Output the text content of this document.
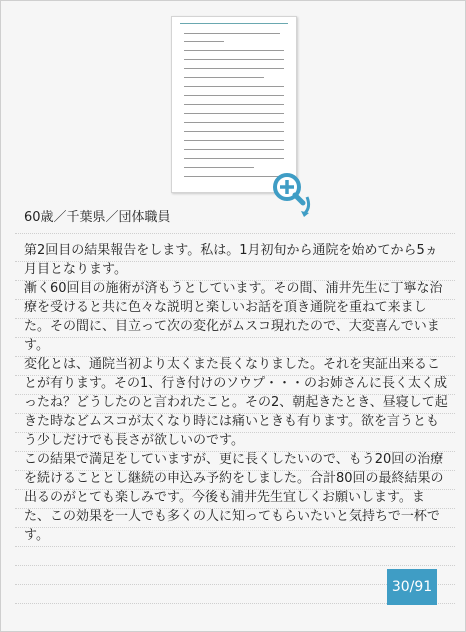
60歳／千葉県／団体職員

第2回目の結果報告をします。私は。1月初旬から通院を始めてから5ヵ月目となります。

漸く60回目の施術が済もうとしています。その間、浦井先生に丁寧な治療を受けると共に色々な説明と楽しいお話を頂き通院を重ねて来ました。その間に、目立って次の変化がムスコ現れたので、大変喜んでいます。

変化とは、通院当初より太くまた長くなりました。それを実証出来ることが有ります。その1、行き付けのソウプ・・・のお姉さんに長く太く成ったね？どうしたのと言われたこと。その2、朝起きたとき、昼寝して起きた時などムスコが太くなり時には痛いときも有ります。欲を言うともう少しだけでも長さが欲しいのです。

この結果で満足をしていますが、更に長くしたいので、もう20回の治療を続けることとし継続の申込み予約をしました。合計80回の最終結果の出るのがとても楽しみです。今後も浦井先生宜しくお願いします。また、この効果を一人でも多くの人に知ってもらいたいと気持ちで一杯です。

30/91
